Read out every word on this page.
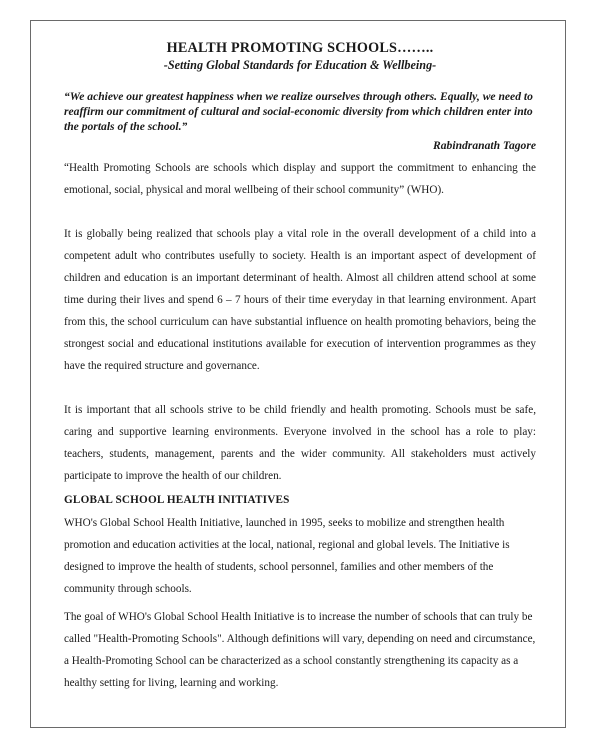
HEALTH PROMOTING SCHOOLS……..

-Setting Global Standards for Education & Wellbeing-

“We achieve our greatest happiness when we realize ourselves through others. Equally, we need to reaffirm our commitment of cultural and social-economic diversity from which children enter into the portals of the school.”
Rabindranath Tagore

“Health Promoting Schools are schools which display and support the commitment to enhancing the emotional, social, physical and moral wellbeing of their school community” (WHO).

It is globally being realized that schools play a vital role in the overall development of a child into a competent adult who contributes usefully to society. Health is an important aspect of development of children and education is an important determinant of health. Almost all children attend school at some time during their lives and spend 6 – 7 hours of their time everyday in that learning environment. Apart from this, the school curriculum can have substantial influence on health promoting behaviors, being the strongest social and educational institutions available for execution of intervention programmes as they have the required structure and governance.

It is important that all schools strive to be child friendly and health promoting. Schools must be safe, caring and supportive learning environments. Everyone involved in the school has a role to play: teachers, students, management, parents and the wider community. All stakeholders must actively participate to improve the health of our children.

GLOBAL SCHOOL HEALTH INITIATIVES

WHO's Global School Health Initiative, launched in 1995, seeks to mobilize and strengthen health promotion and education activities at the local, national, regional and global levels. The Initiative is designed to improve the health of students, school personnel, families and other members of the community through schools.

The goal of WHO's Global School Health Initiative is to increase the number of schools that can truly be called "Health-Promoting Schools". Although definitions will vary, depending on need and circumstance, a Health-Promoting School can be characterized as a school constantly strengthening its capacity as a healthy setting for living, learning and working.
